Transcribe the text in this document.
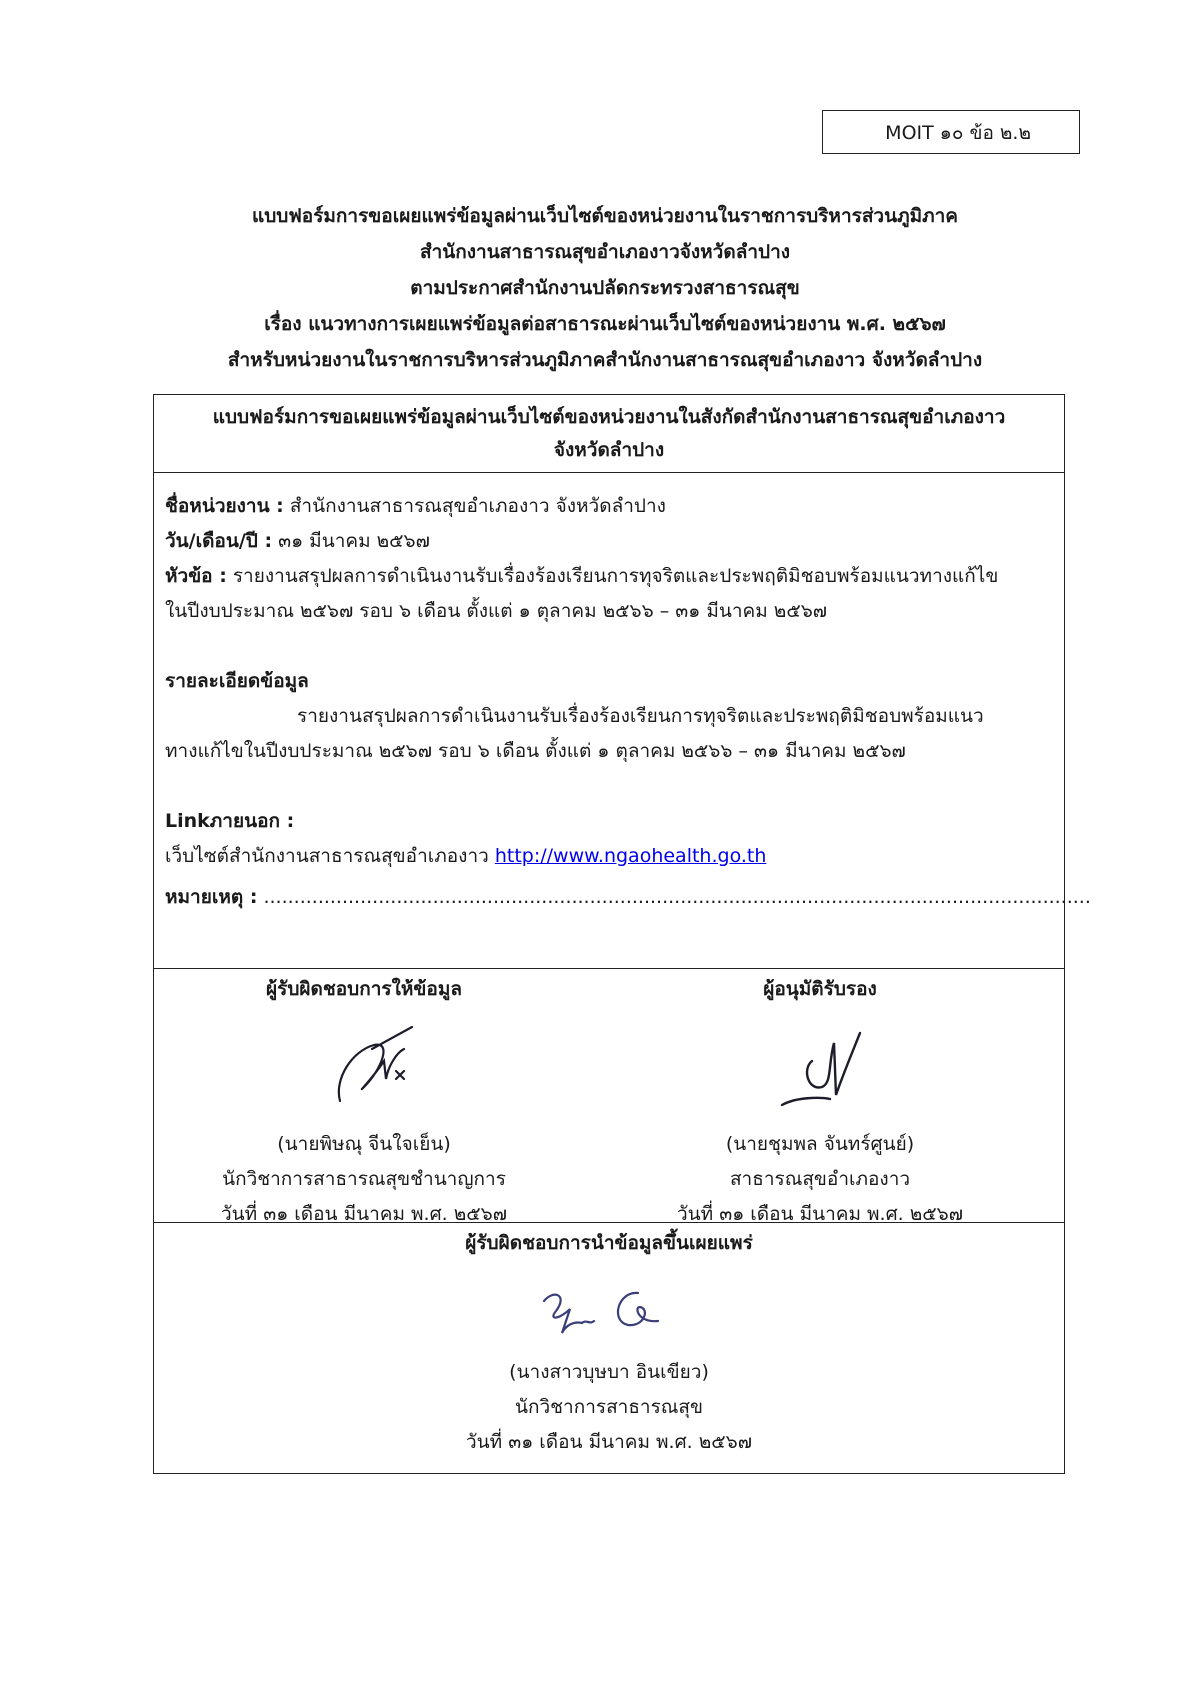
MOIT ๑๐ ข้อ ๒.๒

แบบฟอร์มการขอเผยแพร่ข้อมูลผ่านเว็บไซต์ของหน่วยงานในราชการบริหารส่วนภูมิภาค

สำนักงานสาธารณสุขอำเภองาวจังหวัดลำปาง

ตามประกาศสำนักงานปลัดกระทรวงสาธารณสุข

เรื่อง แนวทางการเผยแพร่ข้อมูลต่อสาธารณะผ่านเว็บไซต์ของหน่วยงาน พ.ศ. ๒๕๖๗

สำหรับหน่วยงานในราชการบริหารส่วนภูมิภาคสำนักงานสาธารณสุขอำเภองาว จังหวัดลำปาง

แบบฟอร์มการขอเผยแพร่ข้อมูลผ่านเว็บไซต์ของหน่วยงานในสังกัดสำนักงานสาธารณสุขอำเภองาว

จังหวัดลำปาง

ชื่อหน่วยงาน : สำนักงานสาธารณสุขอำเภองาว จังหวัดลำปาง

วัน/เดือน/ปี : ๓๑ มีนาคม ๒๕๖๗

หัวข้อ : รายงานสรุปผลการดำเนินงานรับเรื่องร้องเรียนการทุจริตและประพฤติมิชอบพร้อมแนวทางแก้ไข

ในปีงบประมาณ ๒๕๖๗ รอบ ๖ เดือน ตั้งแต่ ๑ ตุลาคม ๒๕๖๖ – ๓๑ มีนาคม ๒๕๖๗

รายละเอียดข้อมูล

รายงานสรุปผลการดำเนินงานรับเรื่องร้องเรียนการทุจริตและประพฤติมิชอบพร้อมแนว

ทางแก้ไขในปีงบประมาณ ๒๕๖๗ รอบ ๖ เดือน ตั้งแต่ ๑ ตุลาคม ๒๕๖๖ – ๓๑ มีนาคม ๒๕๖๗

Linkภายนอก :

เว็บไซต์สำนักงานสาธารณสุขอำเภองาว http://www.ngaohealth.go.th

หมายเหตุ : .........................................................................................................................................

ผู้รับผิดชอบการให้ข้อมูล

(นายพิษณุ จีนใจเย็น)

นักวิชาการสาธารณสุขชำนาญการ

วันที่ ๓๑ เดือน มีนาคม พ.ศ. ๒๕๖๗

ผู้อนุมัติรับรอง

(นายชุมพล จันทร์ศูนย์)

สาธารณสุขอำเภองาว

วันที่ ๓๑ เดือน มีนาคม พ.ศ. ๒๕๖๗

ผู้รับผิดชอบการนำข้อมูลขึ้นเผยแพร่

(นางสาวบุษบา อินเขียว)

นักวิชาการสาธารณสุข

วันที่ ๓๑ เดือน มีนาคม พ.ศ. ๒๕๖๗
